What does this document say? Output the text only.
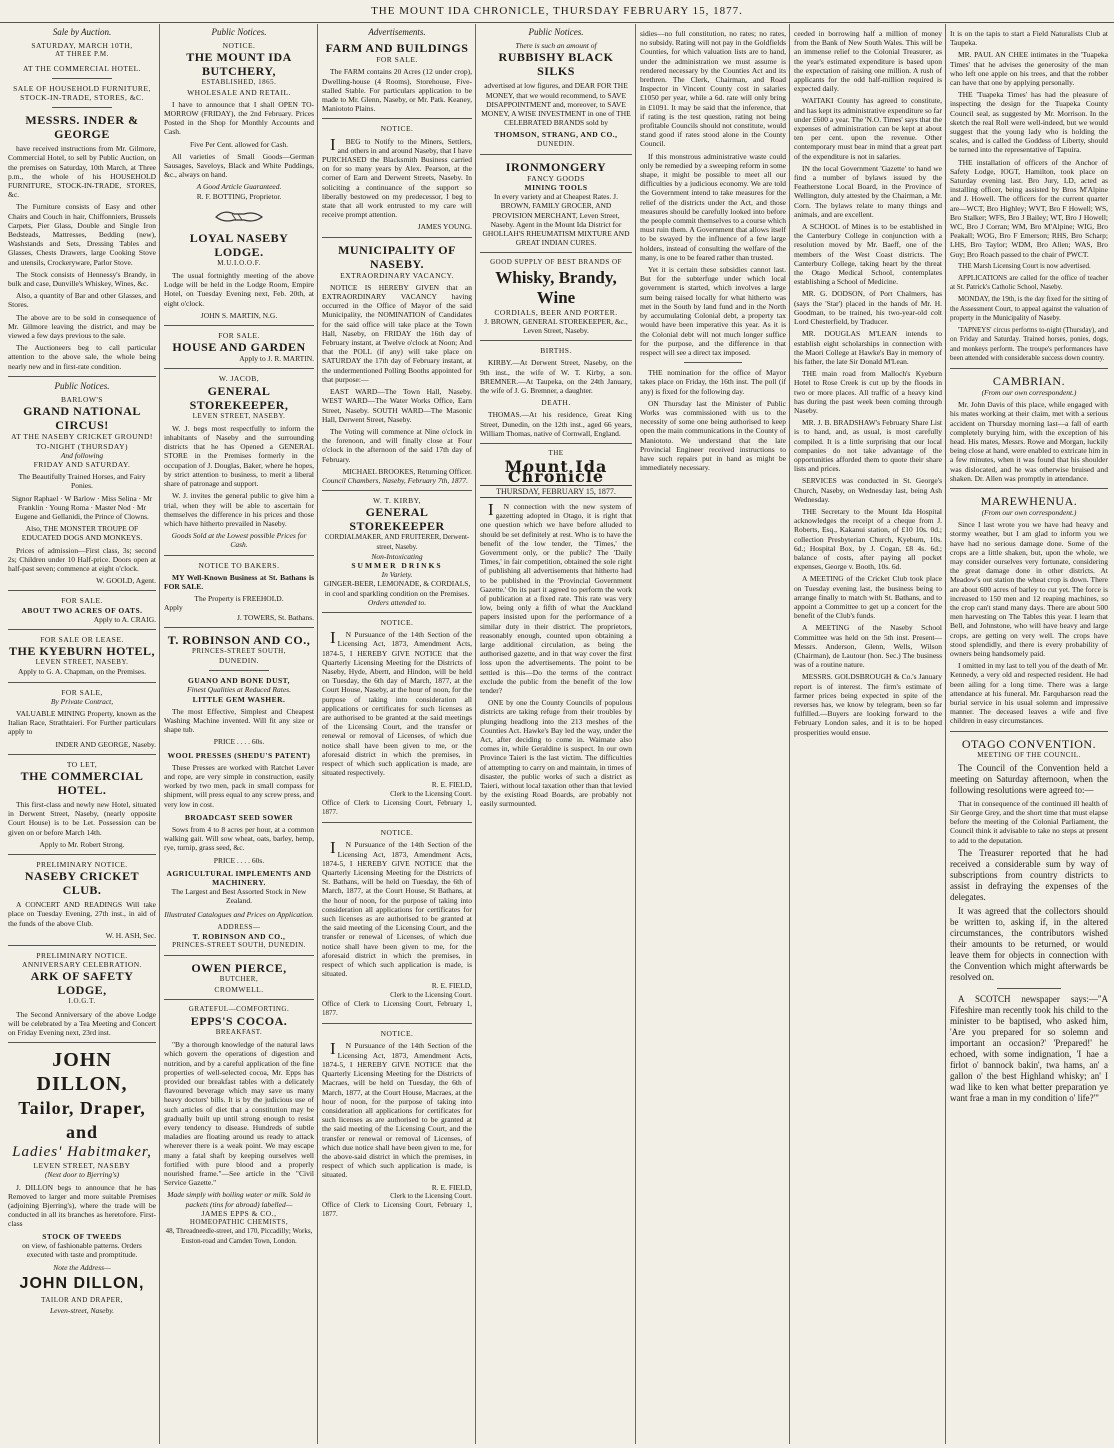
THE MOUNT IDA CHRONICLE, THURSDAY FEBRUARY 15, 1877.
Sale by Auction.
SATURDAY, MARCH 10TH,
AT THREE P.M.
AT THE COMMERCIAL HOTEL.
SALE OF HOUSEHOLD FURNITURE, STOCK-IN-TRADE, STORES, &C.
MESSRS. INDER & GEORGE
have received instructions from Mr. Gilmore, Commercial Hotel, to sell by Public Auction, on the premises on Saturday, 10th March, at Three p.m., the whole of his HOUSEHOLD FURNITURE, STOCK-IN-TRADE, STORES, &c.
The Furniture consists of Easy and other Chairs and Couch in hair, Chiffonniers, Brussels Carpets, Pier Glass, Double and Single Iron Bedsteads, Mattresses, Bedding (new), Washstands and Sets, Dressing Tables and Glasses, Chests Drawers, large Cooking Stove and utensils, Crockeryware, Parlor Stove.
The Stock consists of Hennessy's Brandy, in bulk and case, Dunville's Whiskey, Wines, &c.
Also, a quantity of Bar and other Glasses, and Stores.
The above are to be sold in consequence of Mr. Gilmore leaving the district, and may be viewed a few days previous to the sale.
The Auctioneers beg to call particular attention to the above sale, the whole being nearly new and in first-rate condition.
Public Notices.
BARLOW'S
GRAND NATIONAL CIRCUS!
AT THE NASEBY CRICKET GROUND! TO-NIGHT (THURSDAY)
And following
FRIDAY AND SATURDAY.
The Beautifully Trained Horses, and Fairy Ponies.
Signor Raphael · W Barlow · Miss Selina · Mr Franklin · Young Roma · Master Nod · Mr Eugene and Gellanidi, the Prince of Clowns.
Also, THE MONSTER TROUPE OF EDUCATED DOGS AND MONKEYS.
Prices of admission—First class, 3s; second 2s; Children under 10 Half-price. Doors open at half-past seven; commence at eight o'clock.
W. GOOLD, Agent.
FOR SALE.
ABOUT TWO ACRES OF OATS.
Apply to A. CRAIG.
FOR SALE OR LEASE.
THE KYEBURN HOTEL,
LEVEN STREET, NASEBY.
Apply to G. A. Chapman, on the Premises.
FOR SALE,
By Private Contract,
VALUABLE MINING Property, known as the Italian Race, Strathtaieri. For Further particulars apply to
INDER AND GEORGE, Naseby.
TO LET,
THE COMMERCIAL HOTEL.
This first-class and newly new Hotel, situated in Derwent Street, Naseby, (nearly opposite Court House) is to be Let. Possession can be given on or before March 14th.
Apply to Mr. Robert Strong.
PRELIMINARY NOTICE.
NASEBY CRICKET CLUB.
A CONCERT AND READINGS Will take place on Tuesday Evening, 27th inst., in aid of the funds of the above Club.
W. H. ASH, Sec.
PRELIMINARY NOTICE.
ANNIVERSARY CELEBRATION.
ARK OF SAFETY LODGE,
I.O.G.T.
The Second Anniversary of the above Lodge will be celebrated by a Tea Meeting and Concert on Friday Evening next, 23rd inst.
JOHN DILLON,
Tailor, Draper, and
Ladies' Habitmaker,
LEVEN STREET, NASEBY
(Next door to Bjerring's)
J. DILLON begs to announce that he has Removed to larger and more suitable Premises (adjoining Bjerring's), where the trade will be conducted in all its branches as heretofore. First-class
STOCK OF TWEEDS
on view, of fashionable patterns. Orders executed with taste and promptitude.
Note the Address—
JOHN DILLON,
TAILOR AND DRAPER,
Leven-street, Naseby.
Public Notices.
NOTICE.
THE MOUNT IDA BUTCHERY,
ESTABLISHED, 1865.
WHOLESALE AND RETAIL.
I have to announce that I shall OPEN TO-MORROW (FRIDAY), the 2nd February. Prices Posted in the Shop for Monthly Accounts and Cash.
Five Per Cent. allowed for Cash.
All varieties of Small Goods—German Sausages, Saveloys, Black and White Puddings, &c., always on hand.
A Good Article Guaranteed.
R. F. BOTTING, Proprietor.
LOYAL NASEBY LODGE.
M.U.I.O.O.F.
The usual fortnightly meeting of the above Lodge will be held in the Lodge Room, Empire Hotel, on Tuesday Evening next, Feb. 20th, at eight o'clock.
JOHN S. MARTIN, N.G.
FOR SALE.
HOUSE AND GARDEN
Apply to J. R. MARTIN.
W. JACOB,
GENERAL STOREKEEPER,
LEVEN STREET, NASEBY.
W. J. begs most respectfully to inform the inhabitants of Naseby and the surrounding districts that he has Opened a GENERAL STORE in the Premises formerly in the occupation of J. Douglas, Baker, where he hopes, by strict attention to business, to merit a liberal share of patronage and support.
W. J. invites the general public to give him a trial, when they will be able to ascertain for themselves the difference in his prices and those which have hitherto prevailed in Naseby.
Goods Sold at the Lowest possible Prices for Cash.
NOTICE TO BAKERS.
MY Well-Known Business at St. Bathans is FOR SALE.
The Property is FREEHOLD.
Apply
J. TOWERS, St. Bathans.
T. ROBINSON AND CO.,
PRINCES-STREET SOUTH,
DUNEDIN.
GUANO AND BONE DUST,
Finest Qualities at Reduced Rates.
LITTLE GEM WASHER.
The most Effective, Simplest and Cheapest Washing Machine invented. Will fit any size or shape tub.
PRICE . . . . 60s.
WOOL PRESSES (SHEDU'S PATENT)
These Presses are worked with Ratchet Lever and rope, are very simple in construction, easily worked by two men, pack in small compass for shipment, will press equal to any screw press, and very low in cost.
BROADCAST SEED SOWER
Sows from 4 to 8 acres per hour, at a common walking gait. Will sow wheat, oats, barley, hemp, rye, turnip, grass seed, &c.
PRICE . . . . 60s.
AGRICULTURAL IMPLEMENTS AND MACHINERY.
The Largest and Best Assorted Stock in New Zealand.
Illustrated Catalogues and Prices on Application.
ADDRESS—
T. ROBINSON AND CO.,
PRINCES-STREET SOUTH, DUNEDIN.
OWEN PIERCE,
BUTCHER,
CROMWELL.
GRATEFUL—COMFORTING.
EPPS'S COCOA.
BREAKFAST.
"By a thorough knowledge of the natural laws which govern the operations of digestion and nutrition, and by a careful application of the fine properties of well-selected cocoa, Mr. Epps has provided our breakfast tables with a delicately flavoured beverage which may save us many heavy doctors' bills. It is by the judicious use of such articles of diet that a constitution may be gradually built up until strong enough to resist every tendency to disease. Hundreds of subtle maladies are floating around us ready to attack wherever there is a weak point. We may escape many a fatal shaft by keeping ourselves well fortified with pure blood and a properly nourished frame."—See article in the "Civil Service Gazette."
Made simply with boiling water or milk. Sold in packets (tins for abroad) labelled—
JAMES EPPS & CO.,
HOMEOPATHIC CHEMISTS,
48, Threadneedle-street, and 170, Piccadilly; Works, Euston-road and Camden Town, London.
Advertisements.
FARM AND BUILDINGS
FOR SALE.
The FARM contains 20 Acres (12 under crop), Dwelling-house (4 Rooms), Storehouse, Five-stalled Stable. For particulars application to be made to Mr. Glenn, Naseby, or Mr. Patk. Keaney, Maniototo Plains.
NOTICE.
IBEG to Notify to the Miners, Settlers, and others in and around Naseby, that I have PURCHASED the Blacksmith Business carried on for so many years by Alex. Pearson, at the corner of Earn and Derwent Streets, Naseby. In soliciting a continuance of the support so liberally bestowed on my predecessor, I beg to state that all work entrusted to my care will receive prompt attention.
JAMES YOUNG.
MUNICIPALITY OF NASEBY.
EXTRAORDINARY VACANCY.
NOTICE IS HEREBY GIVEN that an EXTRAORDINARY VACANCY having occurred in the Office of Mayor of the said Municipality, the NOMINATION of Candidates for the said office will take place at the Town Hall, Naseby, on FRIDAY the 16th day of February instant, at Twelve o'clock at Noon; And that the POLL (if any) will take place on SATURDAY the 17th day of February instant, at the undermentioned Polling Booths appointed for that purpose:—
EAST WARD—The Town Hall, Naseby. WEST WARD—The Water Works Office, Earn Street, Naseby. SOUTH WARD—The Masonic Hall, Derwent Street, Naseby.
The Voting will commence at Nine o'clock in the forenoon, and will finally close at Four o'clock in the afternoon of the said 17th day of February.
MICHAEL BROOKES, Returning Officer.
Council Chambers, Naseby, February 7th, 1877.
W. T. KIRBY,
GENERAL STOREKEEPER
CORDIALMAKER, AND FRUITERER, Derwent-street, Naseby.
Non-Intoxicating
SUMMER DRINKS
In Variety.
GINGER-BEER, LEMONADE, & CORDIALS, in cool and sparkling condition on the Premises.
Orders attended to.
NOTICE.
IN Pursuance of the 14th Section of the Licensing Act, 1873, Amendment Acts, 1874-5, I HEREBY GIVE NOTICE that the Quarterly Licensing Meeting for the Districts of Naseby, Hyde, Abertt, and Hindon, will be held on Tuesday, the 6th day of March, 1877, at the Court House, Naseby, at the hour of noon, for the purpose of taking into consideration all applications or certificates for such licenses as are authorised to be granted at the said meetings of the Licensing Court, and the transfer or renewal or removal of Licenses, of which due notice shall have been given to me, or the aforesaid district in which the premises, in respect of which such application is made, are situated respectively.
R. E. FIELD,
Clerk to the Licensing Court.
Office of Clerk to Licensing Court, February 1, 1877.
NOTICE.
IN Pursuance of the 14th Section of the Licensing Act, 1873, Amendment Acts, 1874-5, I HEREBY GIVE NOTICE that the Quarterly Licensing Meeting for the Districts of St. Bathans, will be held on Tuesday, the 6th of March, 1877, at the Court House, St Bathans, at the hour of noon, for the purpose of taking into consideration all applications for certificates for such licenses as are authorised to be granted at the said meeting of the Licensing Court, and the transfer or renewal of Licenses, of which due notice shall have been given to me, for the aforesaid district in which the premises, in respect of which such application is made, is situated.
R. E. FIELD,
Clerk to the Licensing Court.
Office of Clerk to Licensing Court, February 1, 1877.
NOTICE.
IN Pursuance of the 14th Section of the Licensing Act, 1873, Amendment Acts, 1874-5, I HEREBY GIVE NOTICE that the Quarterly Licensing Meeting for the Districts of Macraes, will be held on Tuesday, the 6th of March, 1877, at the Court House, Macraes, at the hour of noon, for the purpose of taking into consideration all applications for certificates for such licenses as are authorised to be granted at the said meeting of the Licensing Court, and the transfer or renewal or removal of Licenses, of which due notice shall have been given to me, for the above-said district in which the premises, in respect of which such application is made, is situated.
R. E. FIELD,
Clerk to the Licensing Court.
Office of Clerk to Licensing Court, February 1, 1877.
Public Notices.
There is such an amount of
RUBBISHY BLACK SILKS
advertised at low figures, and DEAR FOR THE MONEY, that we would recommend, to SAVE DISAPPOINTMENT and, moreover, to SAVE MONEY, A WISE INVESTMENT in one of THE CELEBRATED BRANDS sold by
THOMSON, STRANG, AND CO.,
DUNEDIN.
IRONMONGERY
FANCY GOODS
MINING TOOLS
In every variety and at Cheapest Rates. J. BROWN, FAMILY GROCER, AND PROVISION MERCHANT, Leven Street, Naseby. Agent in the Mount Ida District for GHOLLAH'S RHEUMATISM MIXTURE AND GREAT INDIAN CURES.
GOOD SUPPLY OF BEST BRANDS OF
Whisky, Brandy, Wine
CORDIALS, BEER AND PORTER.
J. BROWN, GENERAL STOREKEEPER, &c., Leven Street, Naseby.
BIRTHS.
KIRBY.—At Derwent Street, Naseby, on the 9th inst., the wife of W. T. Kirby, a son. BREMNER.—At Taupeka, on the 24th January, the wife of J. G. Bremner, a daughter.
DEATH.
THOMAS.—At his residence, Great King Street, Dunedin, on the 12th inst., aged 66 years, William Thomas, native of Cornwall, England.
THE
Mount Ida Chronicle
THURSDAY, FEBRUARY 15, 1877.
IN connection with the new system of gazetting adopted in Otago, it is right that one question which we have before alluded to should be set definitely at rest. Who is to have the benefit of the low tender, the 'Times,' the Government only, or the public? The 'Daily Times,' in fair competition, obtained the sole right of publishing all advertisements that hitherto had to be published in the 'Provincial Government Gazette.' On its part it agreed to perform the work of publication at a fixed rate. This rate was very low, being only a fifth of what the Auckland papers insisted upon for the performance of a similar duty in their district. The proprietors, reasonably enough, counted upon obtaining a large additional circulation, as being the authorised gazette, and in that way cover the first loss upon the advertisements. The point to be settled is this—Do the terms of the contract exclude the public from the benefit of the low tender?
ONE by one the County Councils of populous districts are taking refuge from their troubles by plunging headlong into the 213 meshes of the Counties Act. Hawke's Bay led the way, under the Act, after deciding to come in. Waimate also comes in, while Geraldine is suspect. In our own Province Taieri is the last victim. The difficulties of attempting to carry on and maintain, in times of disaster, the public works of such a district as Taieri, without local taxation other than that levied by the existing Road Boards, are probably not easily surmounted.
sidies—no full constitution, no rates; no rates, no subsidy. Rating will not pay in the Goldfields Counties, for which valuation lists are to hand, under the administration we must assume is rendered necessary by the Counties Act and its brethren. The Clerk, Chairman, and Road Inspector in Vincent County cost in salaries £1050 per year, while a 6d. rate will only bring in £1091. It may be said that the inference, that if rating is the test question, rating not being profitable Councils should not constitute, would stand good if rates stood alone in the County Council.
If this monstrous administrative waste could only be remedied by a sweeping reform in some shape, it might be possible to meet all our difficulties by a judicious economy. We are told the Government intend to take measures for the relief of the districts under the Act, and those measures should be carefully looked into before the people commit themselves to a course which must ruin them. A Government that allows itself to be swayed by the influence of a few large holders, instead of consulting the welfare of the many, is one to be feared rather than trusted.
Yet it is certain these subsidies cannot last. But for the subterfuge under which local government is started, which involves a large sum being raised locally for what hitherto was met in the South by land fund and in the North by accumulating Colonial debt, a property tax would have been imperative this year. As it is the Colonial debt will not much longer suffice for the purpose, and the difference in that respect will see a direct tax imposed.
THE nomination for the office of Mayor takes place on Friday, the 16th inst. The poll (if any) is fixed for the following day.
ON Thursday last the Minister of Public Works was commissioned with us to the necessity of some one being authorised to keep open the main communications in the County of Maniototo. We understand that the late Provincial Engineer received instructions to have such repairs put in hand as might be immediately necessary.
ceeded in borrowing half a million of money from the Bank of New South Wales. This will be an immense relief to the Colonial Treasurer, as the year's estimated expenditure is based upon the expectation of raising one million. A rush of applicants for the odd half-million required is expected daily.
WAITAKI County has agreed to constitute, and has kept its administrative expenditure so far under £600 a year. The 'N.O. Times' says that the expenses of administration can be kept at about ten per cent. upon the revenue. Other contemporary must bear in mind that a great part of the expenditure is not in salaries.
IN the local Government 'Gazette' to hand we find a number of bylaws issued by the Featherstone Local Board, in the Province of Wellington, duly attested by the Chairman, a Mr. Corn. The bylaws relate to many things and animals, and are excellent.
A SCHOOL of Mines is to be established in the Canterbury College in conjunction with a resolution moved by Mr. Baeff, one of the members of the West Coast districts. The Canterbury College, taking heart by the threat the Otago Medical School, contemplates establishing a School of Medicine.
MR. G. DODSON, of Port Chalmers, has (says the 'Star') placed in the hands of Mr. H. Goodman, to be trained, his two-year-old colt Lord Chesterfield, by Traducer.
MR. DOUGLAS M'LEAN intends to establish eight scholarships in connection with the Maori College at Hawke's Bay in memory of his father, the late Sir Donald M'Lean.
THE main road from Malloch's Kyeburn Hotel to Rose Creek is cut up by the floods in two or more places. All traffic of a heavy kind has during the past week been coming through Naseby.
MR. J. B. BRADSHAW's February Share List is to hand, and, as usual, is most carefully compiled. It is a little surprising that our local companies do not take advantage of the opportunities afforded them to quote their share lists and prices.
SERVICES was conducted in St. George's Church, Naseby, on Wednesday last, being Ash Wednesday.
THE Secretary to the Mount Ida Hospital acknowledges the receipt of a cheque from J. Roberts, Esq., Kakanui station, of £10 10s. 0d.; collection Presbyterian Church, Kyeburn, 10s. 6d.; Hospital Box, by J. Cogan, £8 4s. 6d.; balance of costs, after paying all pocket expenses, George v. Booth, 10s. 6d.
A MEETING of the Cricket Club took place on Tuesday evening last, the business being to arrange finally to match with St. Bathans, and to appoint a Committee to get up a concert for the benefit of the Club's funds.
A MEETING of the Naseby School Committee was held on the 5th inst. Present—Messrs. Anderson, Glenn, Wells, Wilson (Chairman), de Lautour (hon. Sec.) The business was of a routine nature.
MESSRS. GOLDSBROUGH & Co.'s January report is of interest. The firm's estimate of farmer prices being expected in spite of the reverses has, we know by telegram, been so far fulfilled.—Buyers are looking forward to the February London sales, and it is to be hoped prosperities would ensue.
It is on the tapis to start a Field Naturalists Club at Taupeka.
MR. PAUL AN CHEE intimates in the 'Tuapeka Times' that he advises the generosity of the man who left one apple on his trees, and that the robber can have that one by applying personally.
THE 'Tuapeka Times' has had the pleasure of inspecting the design for the Tuapeka County Council seal, as suggested by Mr. Morrison. In the sketch the real Roll were well-indeed, but we would suggest that the young lady who is holding the scales, and is called the Goddess of Liberty, should be turned into the representative of Tapuira.
THE installation of officers of the Anchor of Safety Lodge, IOGT, Hamilton, took place on Saturday evening last. Bro Jury, LD, acted as installing officer, being assisted by Bros M'Alpine and J. Howell. The officers for the current quarter are—WCT, Bro Highley; WVT, Bro F Howell; WS, Bro Stalker; WFS, Bro J Bailey; WT, Bro J Howell; WC, Bro J Corran; WM, Bro M'Alpine; WIG, Bro Peakall; WOG, Bro F Emerson; RHS, Bro Scharp; LHS, Bro Taylor; WDM, Bro Allen; WAS, Bro Guy; Bro Roach passed to the chair of PWCT.
THE Marsh Licensing Court is now advertised.
APPLICATIONS are called for the office of teacher at St. Patrick's Catholic School, Naseby.
MONDAY, the 19th, is the day fixed for the sitting of the Assessment Court, to appeal against the valuation of property in the Municipality of Naseby.
'TAPNEYS' circus performs to-night (Thursday), and on Friday and Saturday. Trained horses, ponies, dogs, and monkeys perform. The troupe's performances have been attended with considerable success down country.
CAMBRIAN.
(From our own correspondent.)
Mr. John Davis of this place, while engaged with his mates working at their claim, met with a serious accident on Thursday morning last—a fall of earth completely burying him, with the exception of his head. His mates, Messrs. Rowe and Morgan, luckily being close at hand, were enabled to extricate him in a few minutes, when it was found that his shoulder was dislocated, and he was otherwise bruised and shaken. Dr. Allen was promptly in attendance.
MAREWHENUA.
(From our own correspondent.)
Since I last wrote you we have had heavy and stormy weather, but I am glad to inform you we have had no serious damage done. Some of the crops are a little shaken, but, upon the whole, we may consider ourselves very fortunate, considering the great damage done in other districts. At Meadow's out station the wheat crop is down. There are about 600 acres of barley to cut yet. The force is increased to 150 men and 12 reaping machines, so the crop can't stand many days. There are about 500 men harvesting on The Tables this year. I learn that Bell, and Johnstone, who will have heavy and large crops, are getting on very well. The crops have stood splendidly, and there is every probability of owners being handsomely paid.
I omitted in my last to tell you of the death of Mr. Kennedy, a very old and respected resident. He had been ailing for a long time. There was a large attendance at his funeral. Mr. Farquharson read the burial service in his usual solemn and impressive manner. The deceased leaves a wife and five children in easy circumstances.
OTAGO CONVENTION.
MEETING OF THE COUNCIL.
The Council of the Convention held a meeting on Saturday afternoon, when the following resolutions were agreed to:—
That in consequence of the continued ill health of Sir George Grey, and the short time that must elapse before the meeting of the Colonial Parliament, the Council think it advisable to take no steps at present to add to the deputation.
The Treasurer reported that he had received a considerable sum by way of subscriptions from country districts to assist in defraying the expenses of the delegates.
It was agreed that the collectors should be written to, asking if, in the altered circumstances, the contributors wished their amounts to be returned, or would leave them for objects in connection with the Convention which might afterwards be resolved on.
A SCOTCH newspaper says:—"A Fifeshire man recently took his child to the minister to be baptised, who asked him, 'Are you prepared for so solemn and important an occasion?' 'Prepared!' he echoed, with some indignation, 'I hae a firlot o' bannock bakin', twa hams, an' a gallon o' the best Highland whisky; an' I wad like to ken what better preparation ye want frae a man in my condition o' life?'"
